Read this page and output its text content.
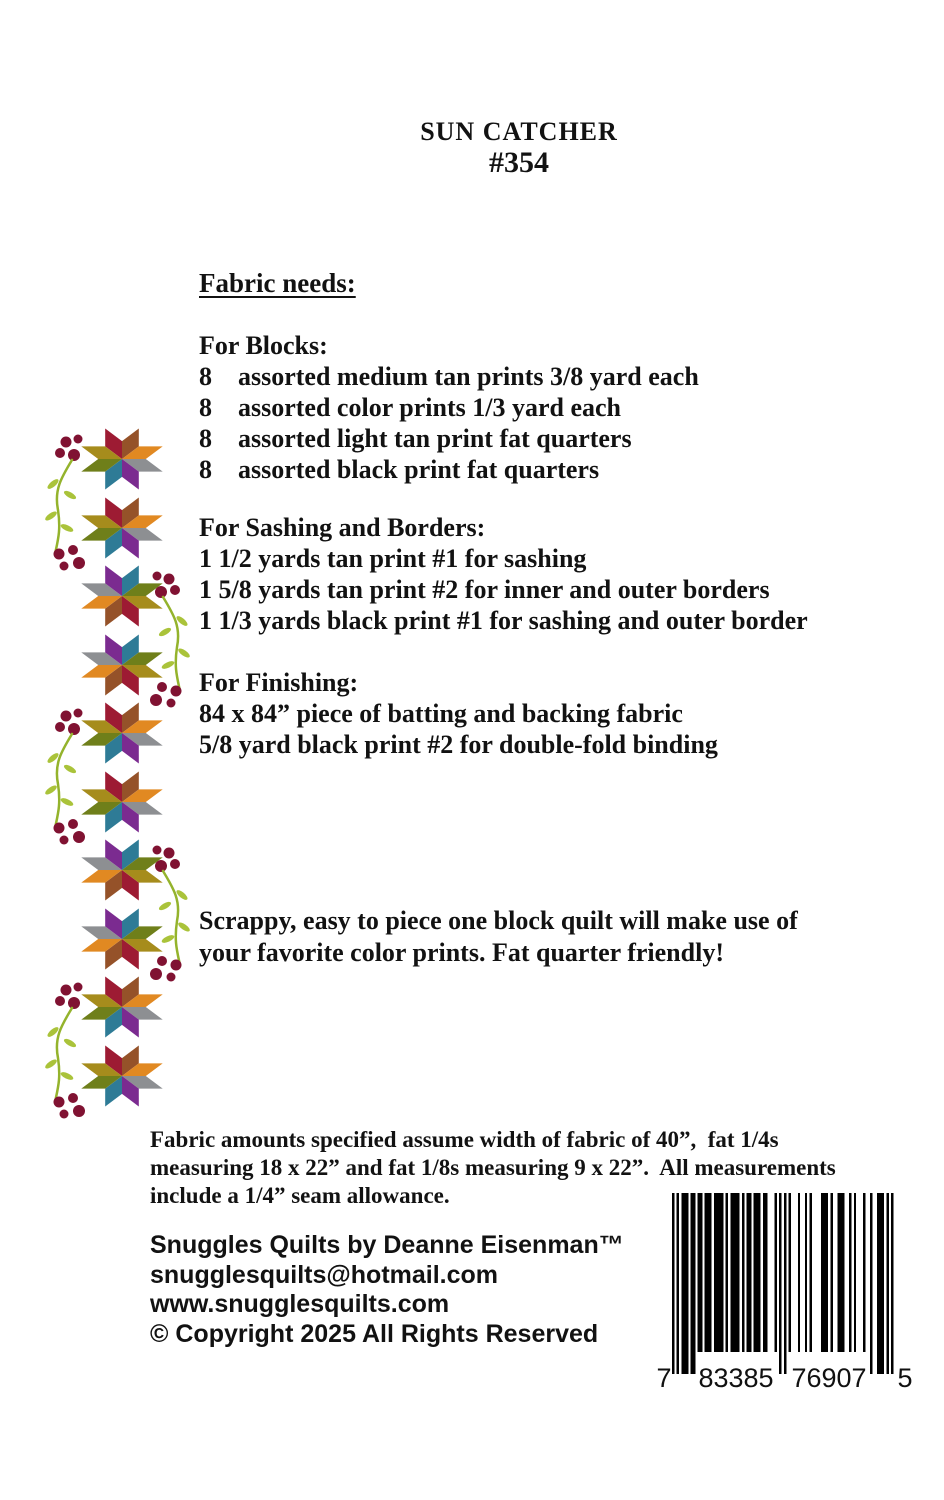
SUN CATCHER
#354
Fabric needs:
For Blocks:
8	assorted medium tan prints 3/8 yard each
8	assorted color prints 1/3 yard each
8	assorted light tan print fat quarters
8	assorted black print fat quarters
For Sashing and Borders:
1 1/2 yards tan print #1 for sashing
1 5/8 yards tan print #2 for inner and outer borders
1 1/3 yards black print #1 for sashing and outer border
For Finishing:
84 x 84” piece of batting and backing fabric
5/8 yard black print #2 for double-fold binding
Scrappy, easy to piece one block quilt will make use of
your favorite color prints. Fat quarter friendly!
Fabric amounts specified assume width of fabric of 40”,  fat 1/4s
measuring 18 x 22” and fat 1/8s measuring 9 x 22”.  All measurements
include a 1/4” seam allowance.
Snuggles Quilts by Deanne Eisenman™
snugglesquilts@hotmail.com
www.snugglesquilts.com
© Copyright 2025 All Rights Reserved
7 83385 76907 5
